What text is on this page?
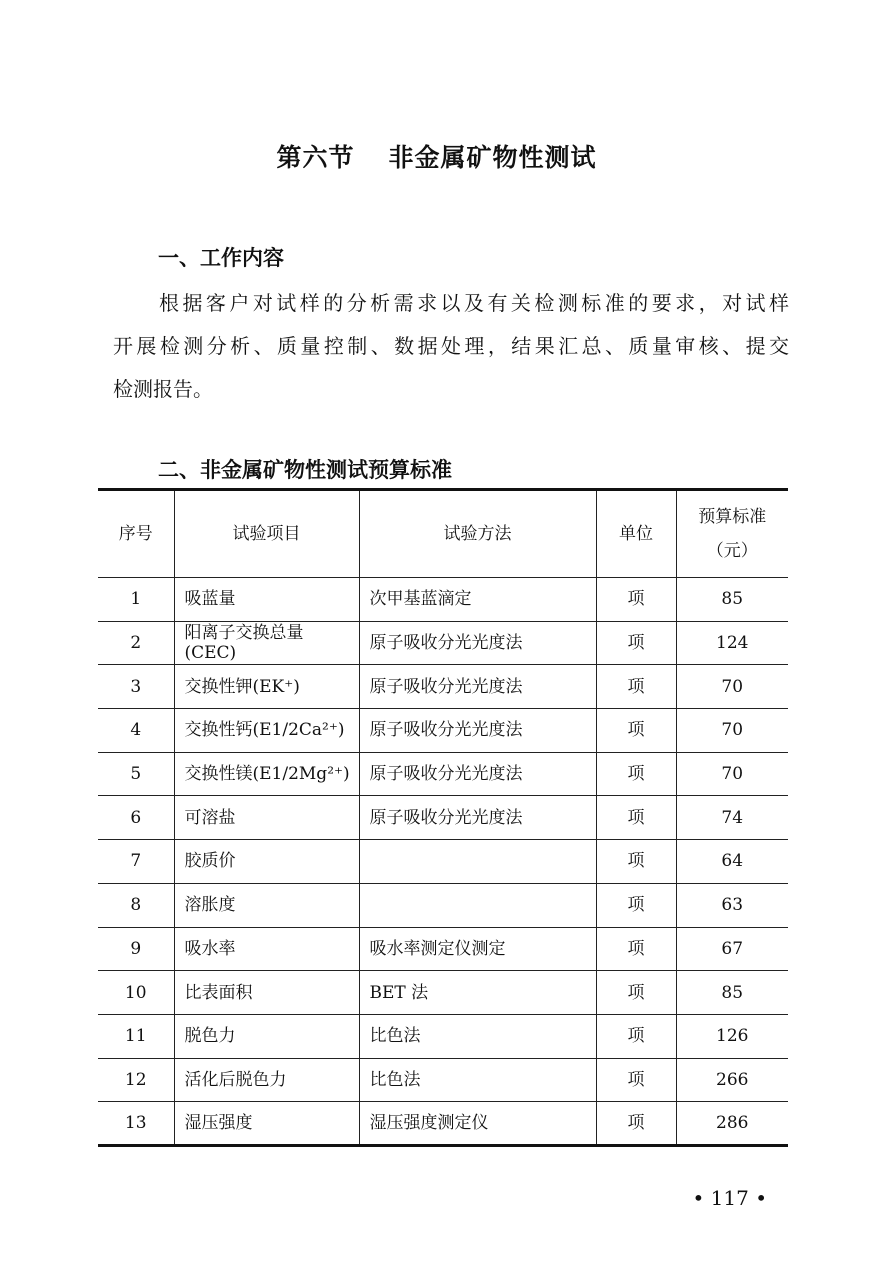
第六节 非金属矿物性测试
一、工作内容
根据客户对试样的分析需求以及有关检测标准的要求，对试样
开展检测分析、质量控制、数据处理，结果汇总、质量审核、提交
检测报告。
二、非金属矿物性测试预算标准
序号	试验项目	试验方法	单位	预算标准
（元）

1	吸蓝量	次甲基蓝滴定	项	85
2	阳离子交换总量(CEC)	原子吸收分光光度法	项	124
3	交换性钾(EK⁺)	原子吸收分光光度法	项	70
4	交换性钙(E1/2Ca²⁺)	原子吸收分光光度法	项	70
5	交换性镁(E1/2Mg²⁺)	原子吸收分光光度法	项	70
6	可溶盐	原子吸收分光光度法	项	74
7	胶质价		项	64
8	溶胀度		项	63
9	吸水率	吸水率测定仪测定	项	67
10	比表面积	BET 法	项	85
11	脱色力	比色法	项	126
12	活化后脱色力	比色法	项	266
13	湿压强度	湿压强度测定仪	项	286
• 117 •
